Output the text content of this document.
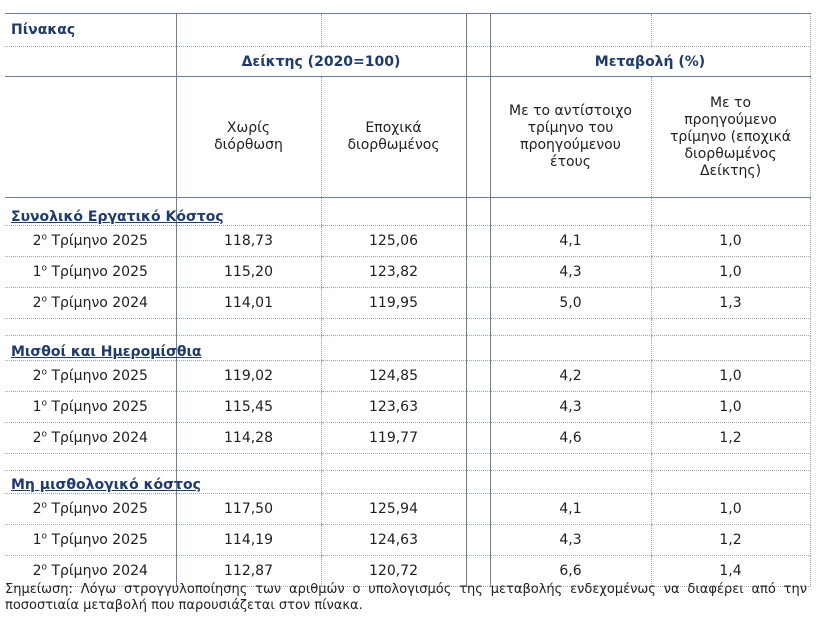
Πίνακας					
	Δείκτης (2020=100)			Μεταβολή (%)	

	Χωρίς διόρθωση	Εποχικά διορθωμένος		Με το αντίστοιχο τρίμηνο του προηγούμενου έτους	Με το προηγούμενο τρίμηνο (εποχικά διορθωμένος Δείκτης)

Συνολικό Εργατικό Κόστος					
$2^o$ Τρίμηνο 2025	118,73	125,06		4,1	1,0
$1^o$ Τρίμηνο 2025	115,20	123,82		4,3	1,0
$2^o$ Τρίμηνο 2024	114,01	119,95		5,0	1,3

Μισθοί και Ημερομίσθια					
$2^o$ Τρίμηνο 2025	119,02	124,85		4,2	1,0
$1^o$ Τρίμηνο 2025	115,45	123,63		4,3	1,0
$2^o$ Τρίμηνο 2024	114,28	119,77		4,6	1,2

Μη μισθολογικό κόστος					
$2^o$ Τρίμηνο 2025	117,50	125,94		4,1	1,0
$1^o$ Τρίμηνο 2025	114,19	124,63		4,3	1,2
$2^o$ Τρίμηνο 2024	112,87	120,72		6,6	1,4
Σημείωση: Λόγω στρογγυλοποίησης των αριθμών ο υπολογισμός της μεταβολής ενδεχομένως να διαφέρει από την ποσοστιαία μεταβολή που παρουσιάζεται στον πίνακα.
